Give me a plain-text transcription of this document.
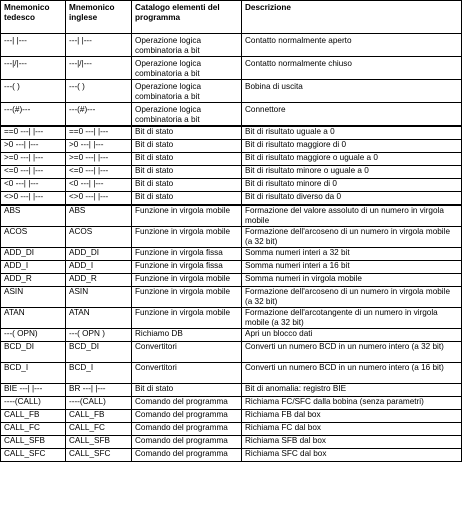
Mnemonico tedesco	Mnemonico inglese	Catalogo elementi del programma	Descrizione
---| |---	---| |---	Operazione logica combinatoria a bit	Contatto normalmente aperto
---|/|---	---|/|---	Operazione logica combinatoria a bit	Contatto normalmente chiuso
---( )	---( )	Operazione logica combinatoria a bit	Bobina di uscita
---(#)---	---(#)---	Operazione logica combinatoria a bit	Connettore
==0 ---| |---	==0 ---| |---	Bit di stato	Bit di risultato uguale a 0
>0 ---| |---	>0 ---| |---	Bit di stato	Bit di risultato maggiore di 0
>=0 ---| |---	>=0 ---| |---	Bit di stato	Bit di risultato maggiore o uguale a 0
<=0 ---| |---	<=0 ---| |---	Bit di stato	Bit di risultato minore o uguale a 0
<0 ---| |---	<0 ---| |---	Bit di stato	Bit di risultato minore di 0
<>0 ---| |---	<>0 ---| |---	Bit di stato	Bit di risultato diverso da 0
ABS	ABS	Funzione in virgola mobile	Formazione del valore assoluto di un numero in virgola mobile
ACOS	ACOS	Funzione in virgola mobile	Formazione dell'arcoseno di un numero in virgola mobile (a 32 bit)
ADD_DI	ADD_DI	Funzione in virgola fissa	Somma numeri interi a 32 bit
ADD_I	ADD_I	Funzione in virgola fissa	Somma numeri interi a 16 bit
ADD_R	ADD_R	Funzione in virgola mobile	Somma numeri in virgola mobile
ASIN	ASIN	Funzione in virgola mobile	Formazione dell'arcoseno di un numero in virgola mobile (a 32 bit)
ATAN	ATAN	Funzione in virgola mobile	Formazione dell'arcotangente di un numero in virgola mobile (a 32 bit)
---( OPN)	---( OPN )	Richiamo DB	Apri un blocco dati
BCD_DI	BCD_DI	Convertitori	Converti un numero BCD in un numero intero (a 32 bit)
BCD_I	BCD_I	Convertitori	Converti un numero BCD in un numero intero (a 16 bit)
BIE ---| |---	BR ---| |---	Bit di stato	Bit di anomalia: registro BIE
----(CALL)	----(CALL)	Comando del programma	Richiama FC/SFC dalla bobina (senza parametri)
CALL_FB	CALL_FB	Comando del programma	Richiama FB dal box
CALL_FC	CALL_FC	Comando del programma	Richiama FC dal box
CALL_SFB	CALL_SFB	Comando del programma	Richiama SFB dal box
CALL_SFC	CALL_SFC	Comando del programma	Richiama SFC dal box
